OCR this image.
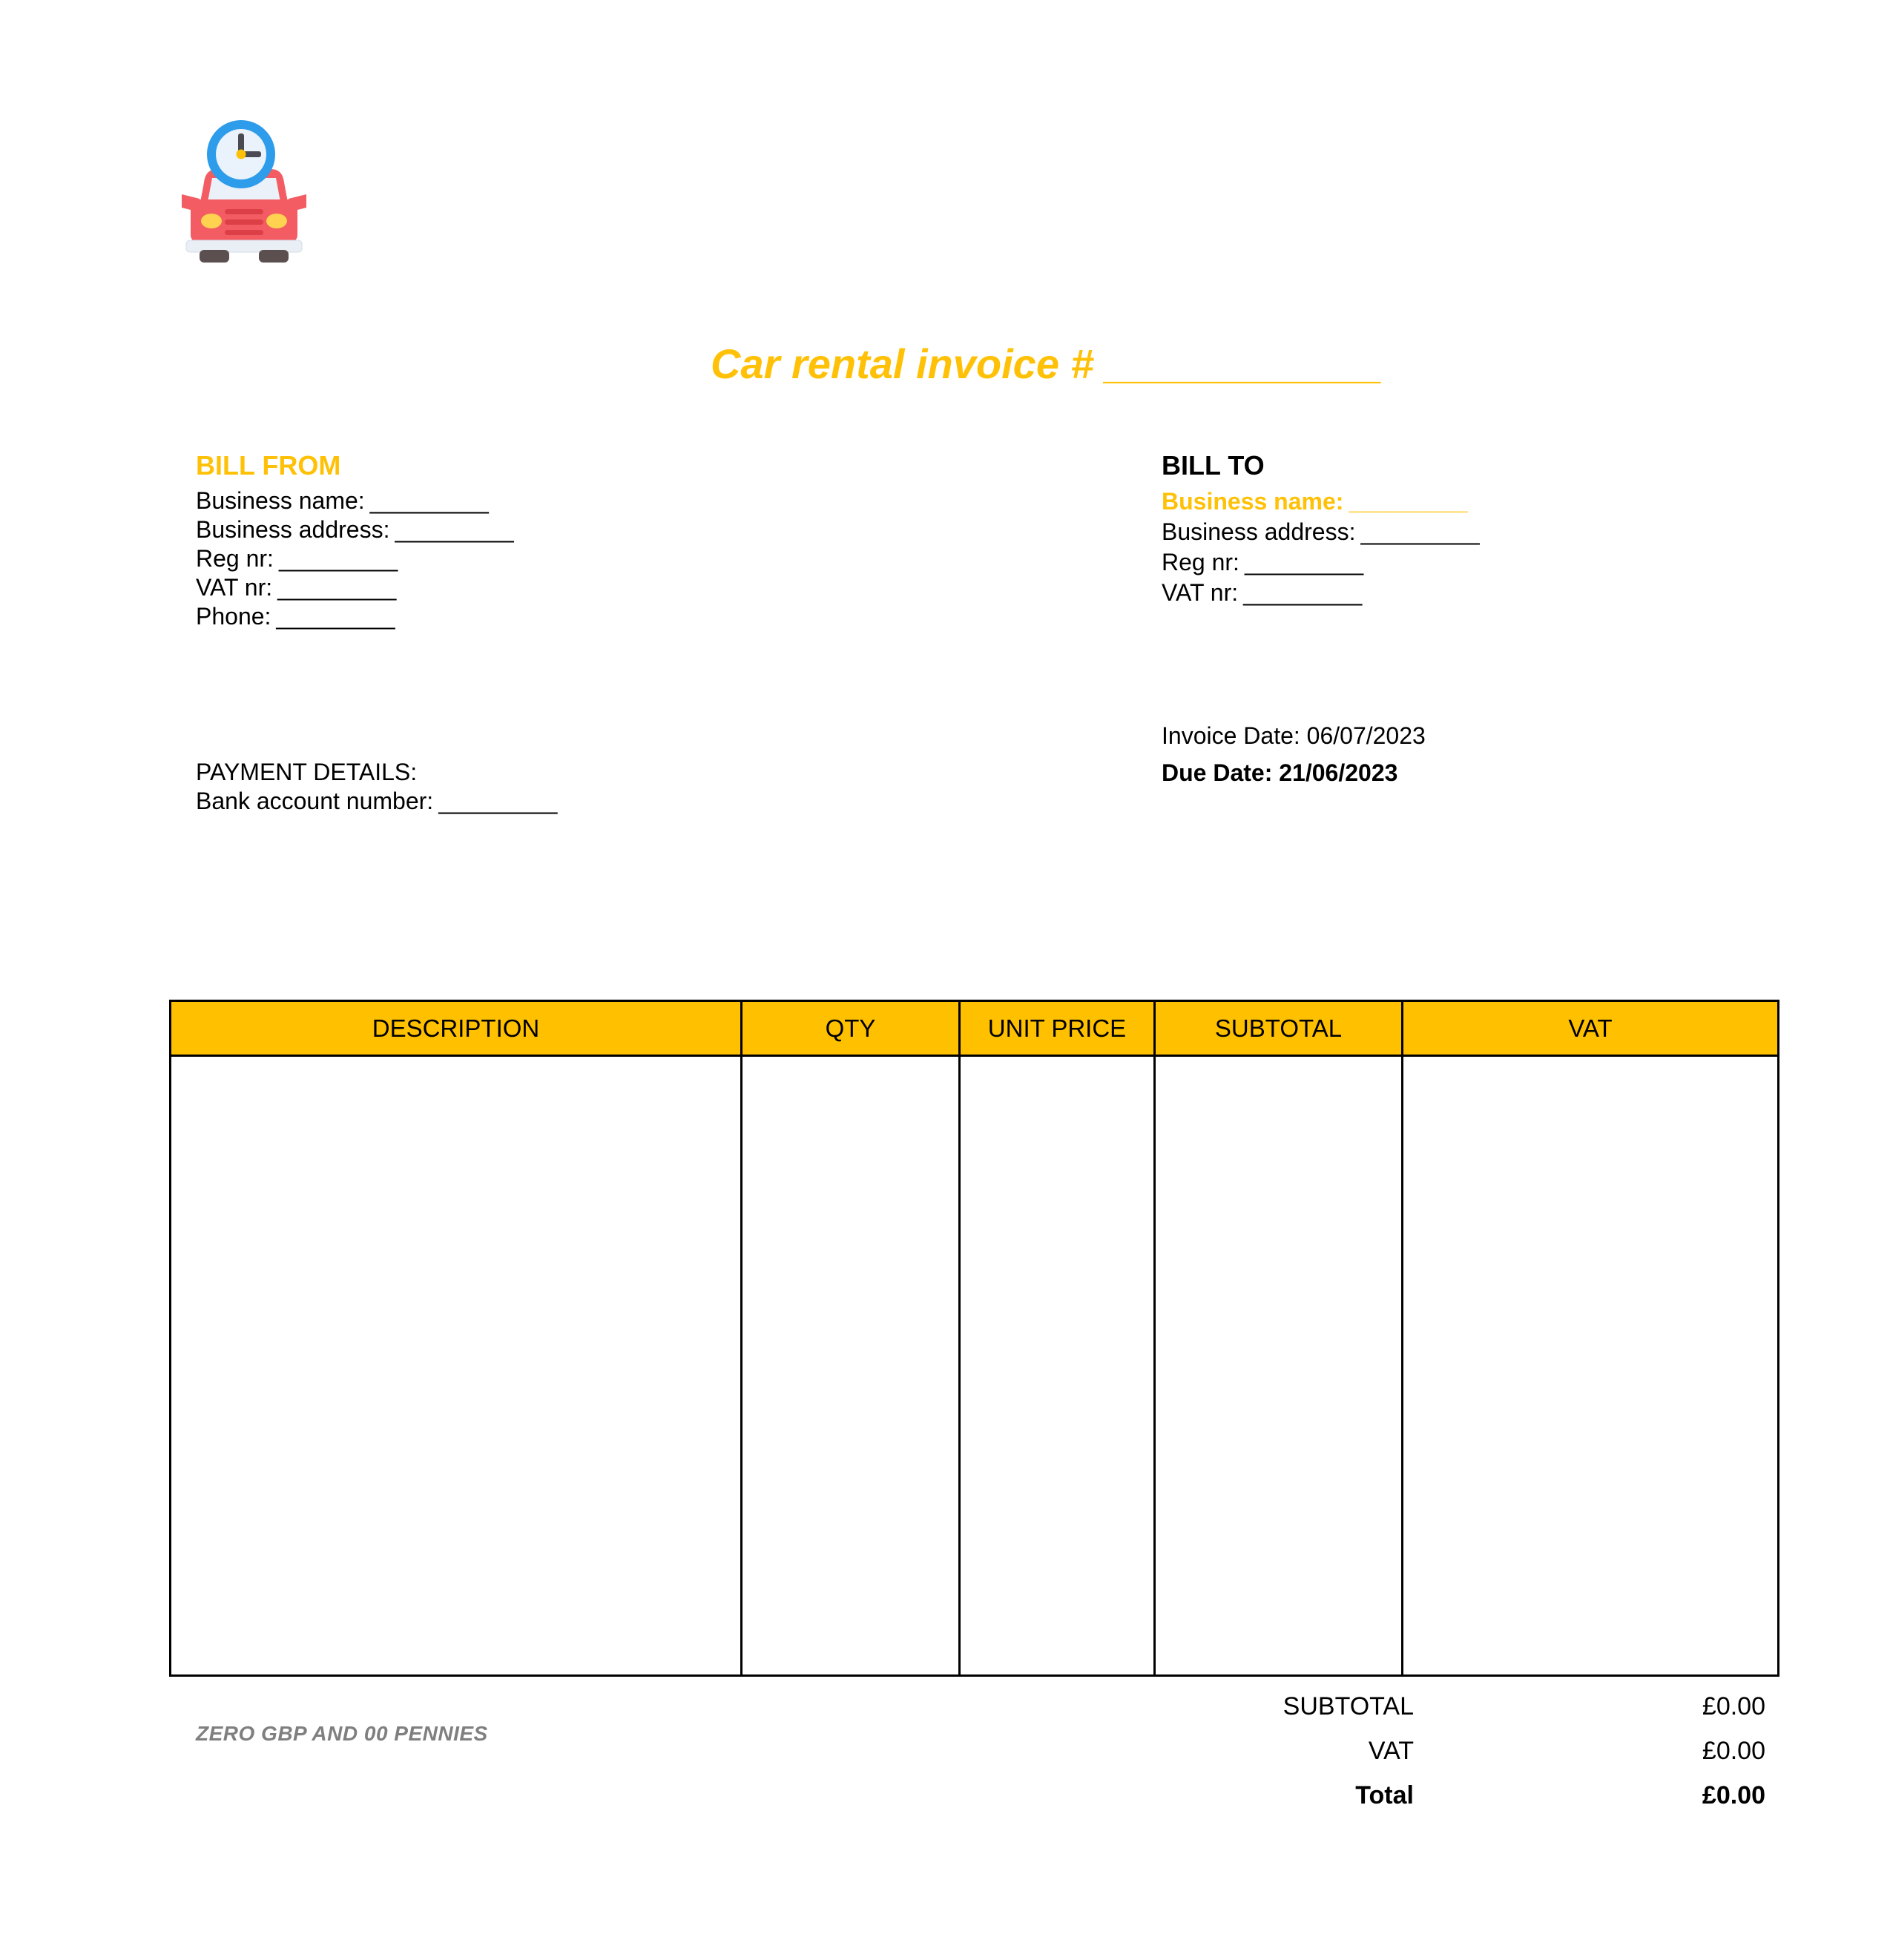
Car rental invoice # ____________
BILL FROM
Business name: _________
Business address: _________
Reg nr: _________
VAT nr: _________
Phone: _________
BILL TO
Business name: _________
Business address: _________
Reg nr: _________
VAT nr: _________
Invoice Date: 06/07/2023
Due Date: 21/06/2023
PAYMENT DETAILS:
Bank account number: _________
DESCRIPTION	QTY	UNIT PRICE	SUBTOTAL	VAT

SUBTOTAL	£0.00
VAT	£0.00
Total	£0.00
ZERO GBP AND 00 PENNIES
